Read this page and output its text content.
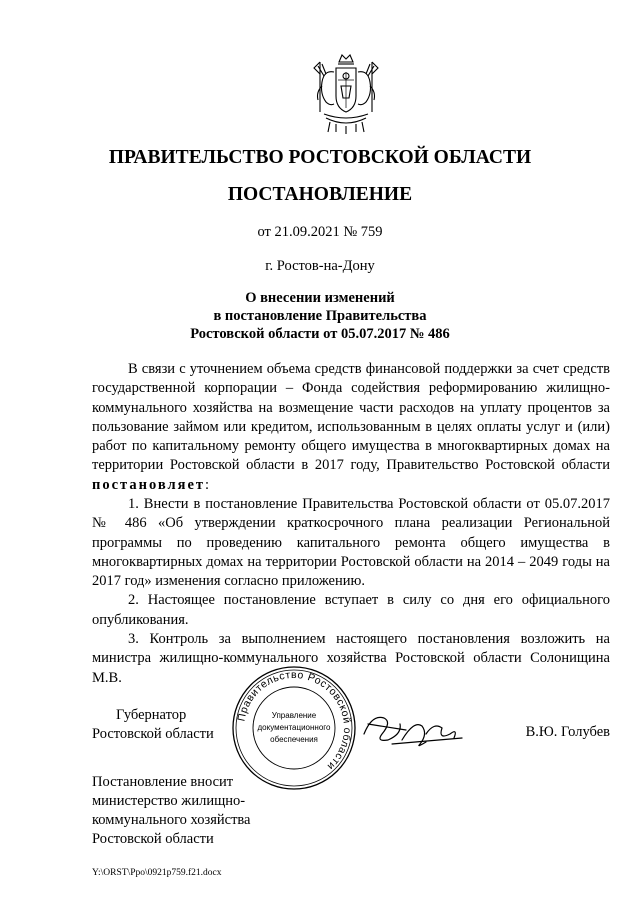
ПРАВИТЕЛЬСТВО РОСТОВСКОЙ ОБЛАСТИ
ПОСТАНОВЛЕНИЕ
от 21.09.2021 № 759
г. Ростов-на-Дону
О внесении изменений
в постановление Правительства
Ростовской области от 05.07.2017 № 486

В связи с уточнением объема средств финансовой поддержки за счет средств государственной корпорации – Фонда содействия реформированию жилищно-коммунального хозяйства на возмещение части расходов на уплату процентов за пользование займом или кредитом, использованным в целях оплаты услуг и (или) работ по капитальному ремонту общего имущества в многоквартирных домах на территории Ростовской области в 2017 году, Правительство Ростовской области постановляет:

1. Внести в постановление Правительства Ростовской области от 05.07.2017 № 486 «Об утверждении краткосрочного плана реализации Региональной программы по проведению капитального ремонта общего имущества в многоквартирных домах на территории Ростовской области на 2014 – 2049 годы на 2017 год» изменения согласно приложению.

2. Настоящее постановление вступает в силу со дня его официального опубликования.

3. Контроль за выполнением настоящего постановления возложить на министра жилищно-коммунального хозяйства Ростовской области Солонищина М.В.

Губернатор
Ростовской области
Правительство Ростовской области
Управление
документационного
обеспечения	В.Ю. Голубев
Постановление вносит
министерство жилищно-
коммунального хозяйства
Ростовской области
Y:\ORST\Ppo\0921p759.f21.docx
